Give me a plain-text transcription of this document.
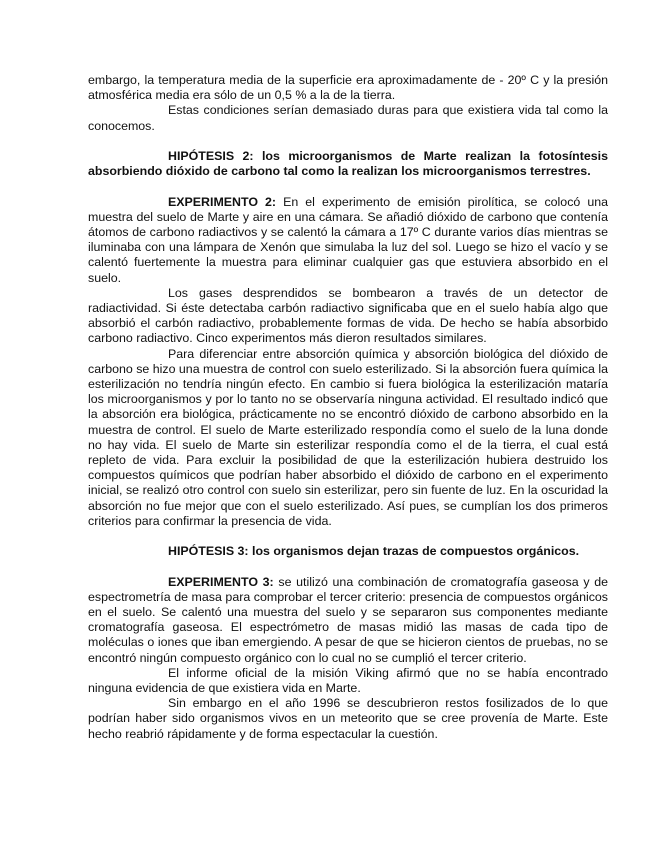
embargo, la temperatura media de la superficie era aproximadamente de - 20º C y la presión atmosférica media era sólo de un 0,5 % a la de la tierra.

Estas condiciones serían demasiado duras para que existiera vida tal como la conocemos.

HIPÓTESIS 2: los microorganismos de Marte realizan la fotosíntesis absorbiendo dióxido de carbono tal como la realizan los microorganismos terrestres.

EXPERIMENTO 2: En el experimento de emisión pirolítica, se colocó una muestra del suelo de Marte y aire en una cámara. Se añadió dióxido de carbono que contenía átomos de carbono radiactivos y se calentó la cámara a 17º C durante varios días mientras se iluminaba con una lámpara de Xenón que simulaba la luz del sol. Luego se hizo el vacío y se calentó fuertemente la muestra para eliminar cualquier gas que estuviera absorbido en el suelo.

Los gases desprendidos se bombearon a través de un detector de radiactividad. Si éste detectaba carbón radiactivo significaba que en el suelo había algo que absorbió el carbón radiactivo, probablemente formas de vida. De hecho se había absorbido carbono radiactivo. Cinco experimentos más dieron resultados similares.

Para diferenciar entre absorción química y absorción biológica del dióxido de carbono se hizo una muestra de control con suelo esterilizado. Si la absorción fuera química la esterilización no tendría ningún efecto. En cambio si fuera biológica la esterilización mataría los microorganismos y por lo tanto no se observaría ninguna actividad. El resultado indicó que la absorción era biológica, prácticamente no se encontró dióxido de carbono absorbido en la muestra de control. El suelo de Marte esterilizado respondía como el suelo de la luna donde no hay vida. El suelo de Marte sin esterilizar respondía como el de la tierra, el cual está repleto de vida. Para excluir la posibilidad de que la esterilización hubiera destruido los compuestos químicos que podrían haber absorbido el dióxido de carbono en el experimento inicial, se realizó otro control con suelo sin esterilizar, pero sin fuente de luz. En la oscuridad la absorción no fue mejor que con el suelo esterilizado. Así pues, se cumplían los dos primeros criterios para confirmar la presencia de vida.

HIPÓTESIS 3: los organismos dejan trazas de compuestos orgánicos.

EXPERIMENTO 3: se utilizó una combinación de cromatografía gaseosa y de espectrometría de masa para comprobar el tercer criterio: presencia de compuestos orgánicos en el suelo. Se calentó una muestra del suelo y se separaron sus componentes mediante cromatografía gaseosa. El espectrómetro de masas midió las masas de cada tipo de moléculas o iones que iban emergiendo. A pesar de que se hicieron cientos de pruebas, no se encontró ningún compuesto orgánico con lo cual no se cumplió el tercer criterio.

El informe oficial de la misión Viking afirmó que no se había encontrado ninguna evidencia de que existiera vida en Marte.

Sin embargo en el año 1996 se descubrieron restos fosilizados de lo que podrían haber sido organismos vivos en un meteorito que se cree provenía de Marte. Este hecho reabrió rápidamente y de forma espectacular la cuestión.
